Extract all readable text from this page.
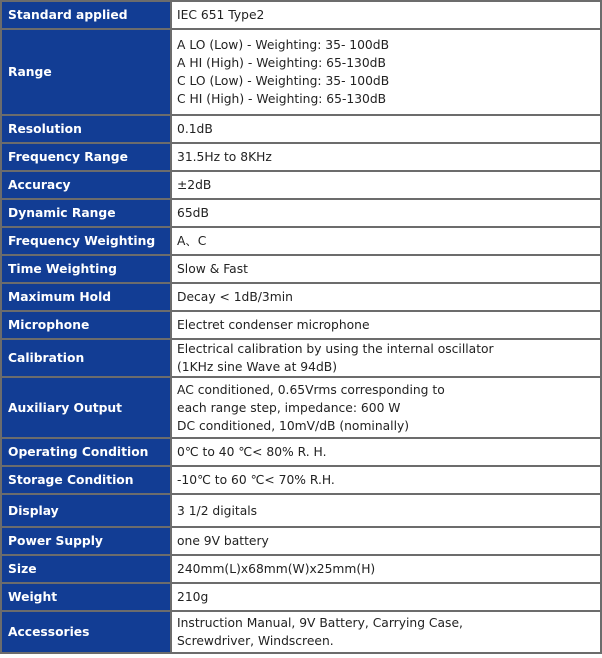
Standard applied	IEC 651 Type2

Range	A LO (Low) - Weighting: 35- 100dB
A HI (High) - Weighting: 65-130dB
C LO (Low) - Weighting: 35- 100dB
C HI (High) - Weighting: 65-130dB

Resolution	0.1dB

Frequency Range	31.5Hz to 8KHz

Accuracy	±2dB

Dynamic Range	65dB

Frequency Weighting	A、C

Time Weighting	Slow & Fast

Maximum Hold	Decay < 1dB/3min

Microphone	Electret condenser microphone

Calibration	Electrical calibration by using the internal oscillator
(1KHz sine Wave at 94dB)

Auxiliary Output	AC conditioned, 0.65Vrms corresponding to
each range step, impedance: 600 W
DC conditioned, 10mV/dB (nominally)

Operating Condition	0℃ to 40 ℃< 80% R. H.

Storage Condition	-10℃ to 60 ℃< 70% R.H.

Display	3 1/2 digitals

Power Supply	one 9V battery

Size	240mm(L)x68mm(W)x25mm(H)

Weight	210g

Accessories	Instruction Manual, 9V Battery, Carrying Case,
Screwdriver, Windscreen.
